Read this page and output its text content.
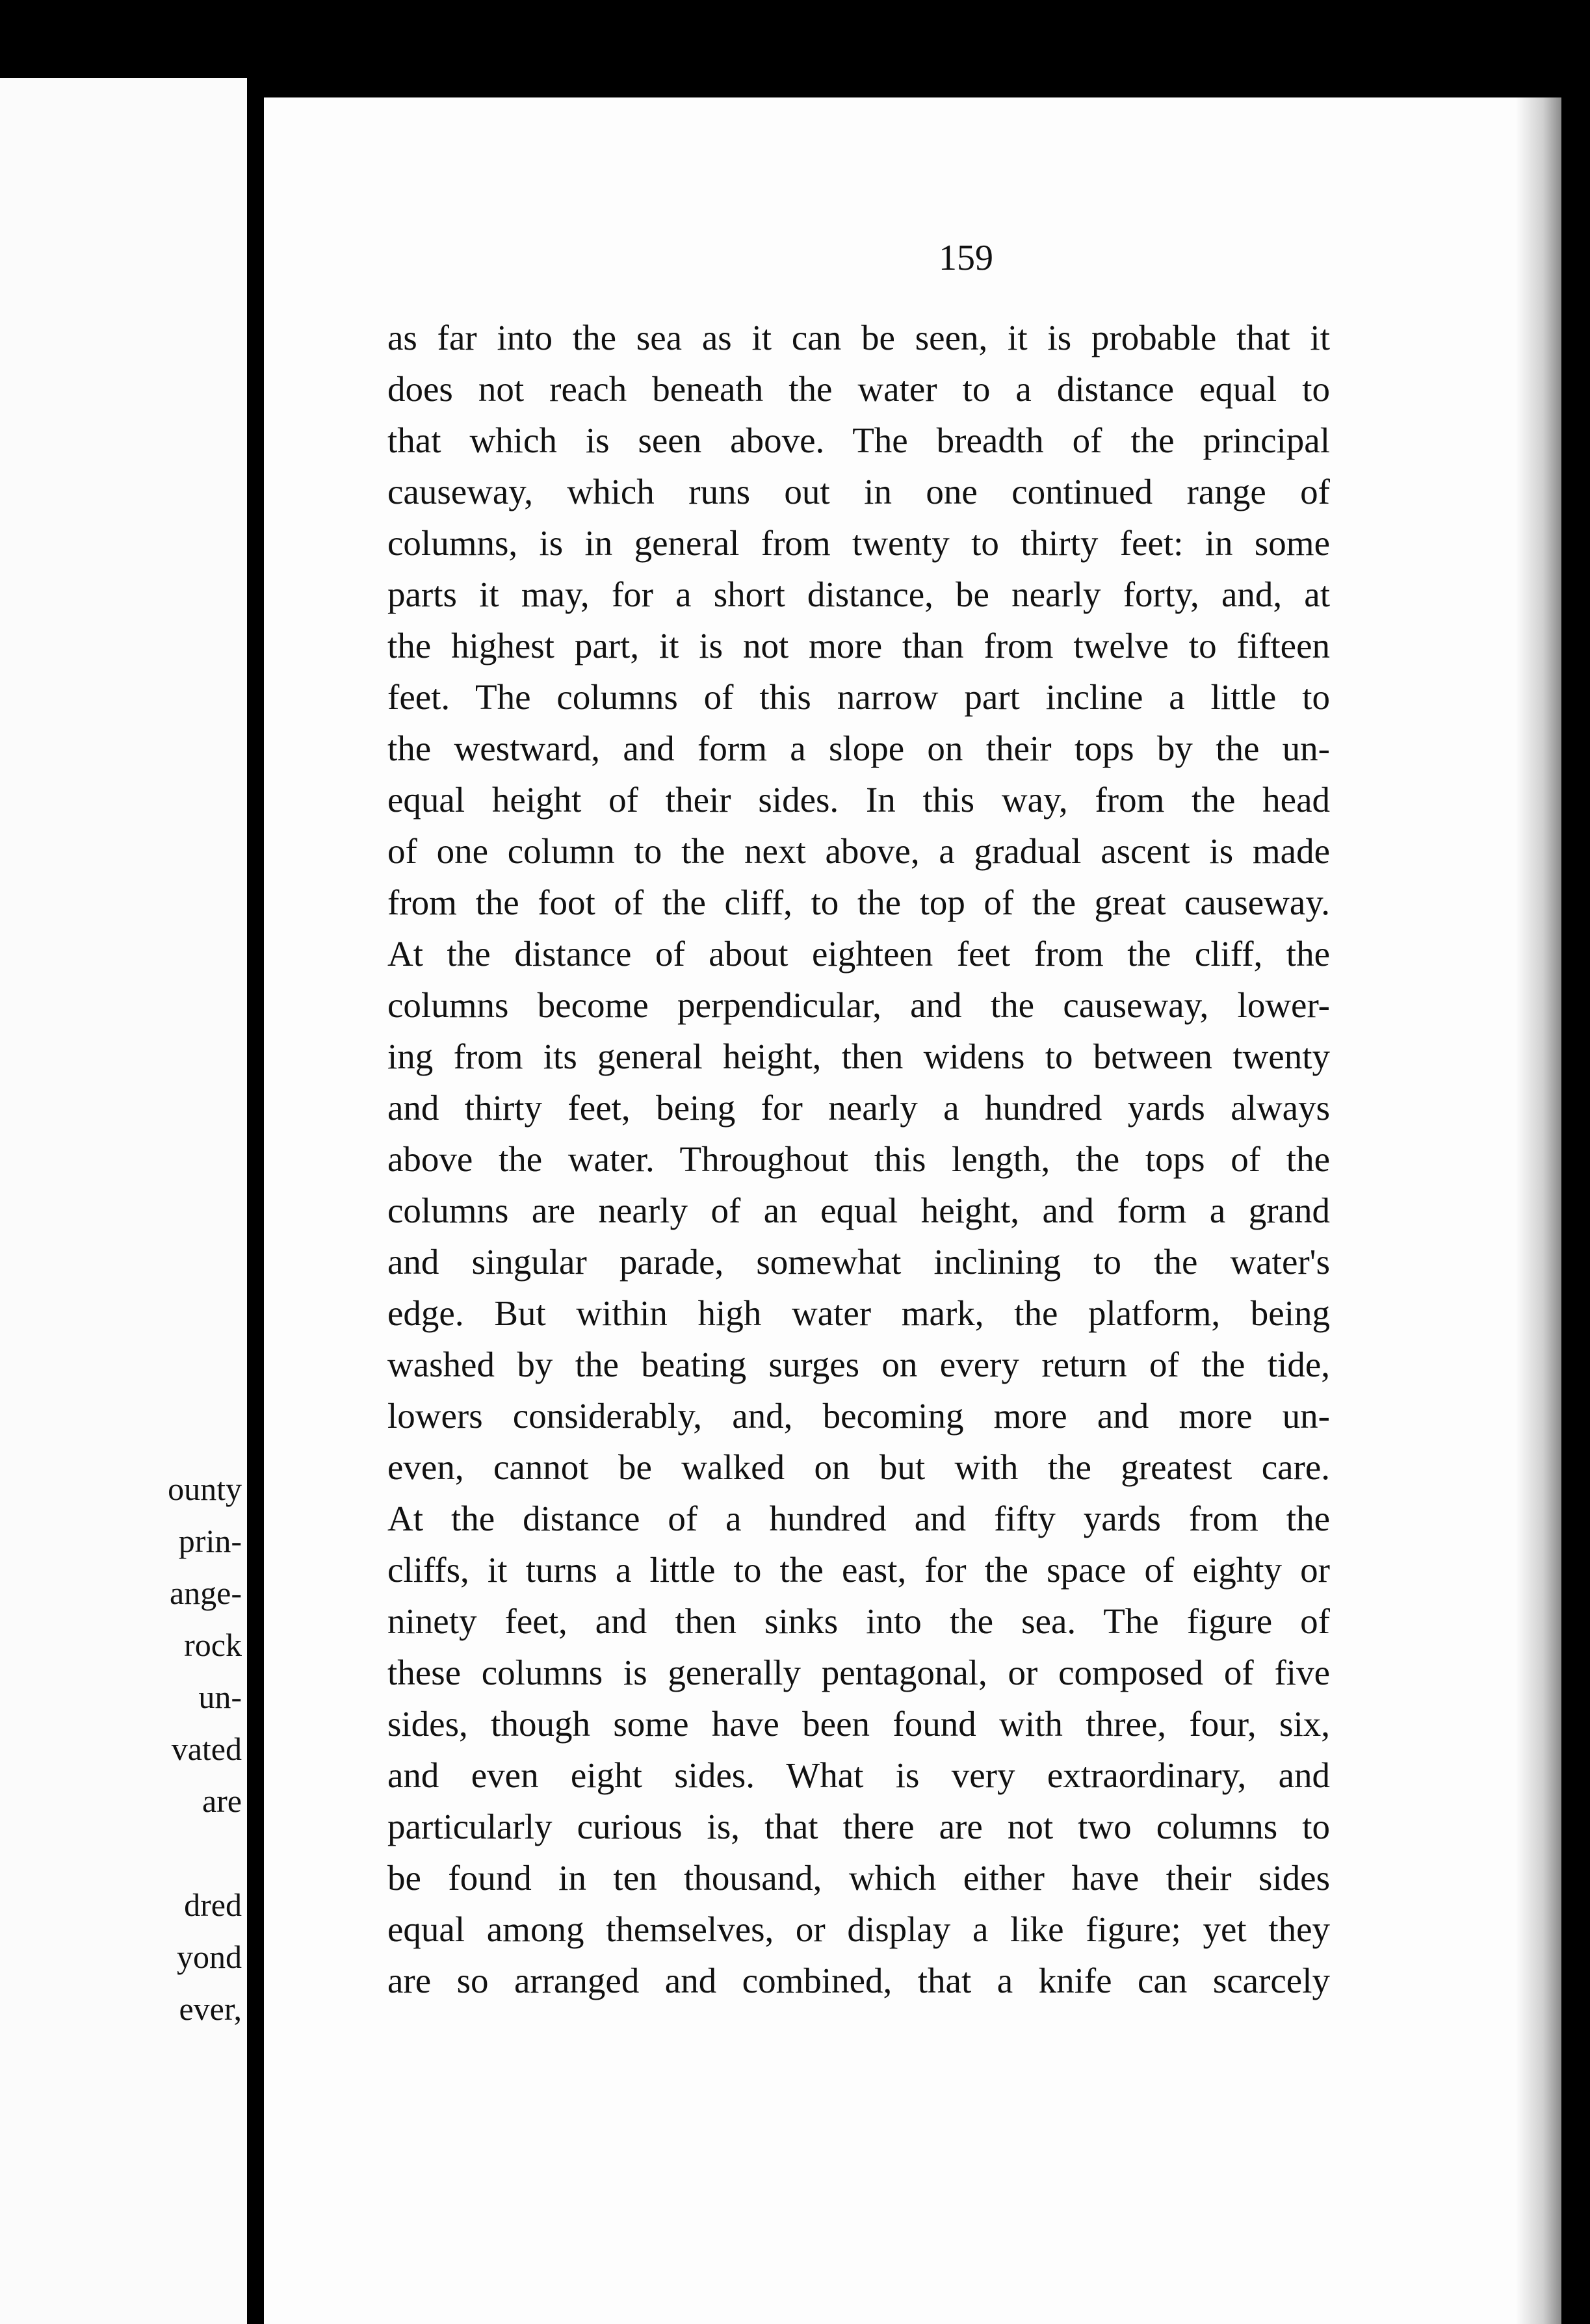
ounty
prin-
ange-
rock
un-
vated
are
dred
yond
ever,
159
as far into the sea as it can be seen, it is probable that it
does not reach beneath the water to a distance equal to
that which is seen above. The breadth of the principal
causeway, which runs out in one continued range of
columns, is in general from twenty to thirty feet: in some
parts it may, for a short distance, be nearly forty, and, at
the highest part, it is not more than from twelve to fifteen
feet. The columns of this narrow part incline a little to
the westward, and form a slope on their tops by the un-
equal height of their sides. In this way, from the head
of one column to the next above, a gradual ascent is made
from the foot of the cliff, to the top of the great causeway.
At the distance of about eighteen feet from the cliff, the
columns become perpendicular, and the causeway, lower-
ing from its general height, then widens to between twenty
and thirty feet, being for nearly a hundred yards always
above the water. Throughout this length, the tops of the
columns are nearly of an equal height, and form a grand
and singular parade, somewhat inclining to the water's
edge. But within high water mark, the platform, being
washed by the beating surges on every return of the tide,
lowers considerably, and, becoming more and more un-
even, cannot be walked on but with the greatest care.
At the distance of a hundred and fifty yards from the
cliffs, it turns a little to the east, for the space of eighty or
ninety feet, and then sinks into the sea. The figure of
these columns is generally pentagonal, or composed of five
sides, though some have been found with three, four, six,
and even eight sides. What is very extraordinary, and
particularly curious is, that there are not two columns to
be found in ten thousand, which either have their sides
equal among themselves, or display a like figure; yet they
are so arranged and combined, that a knife can scarcely
